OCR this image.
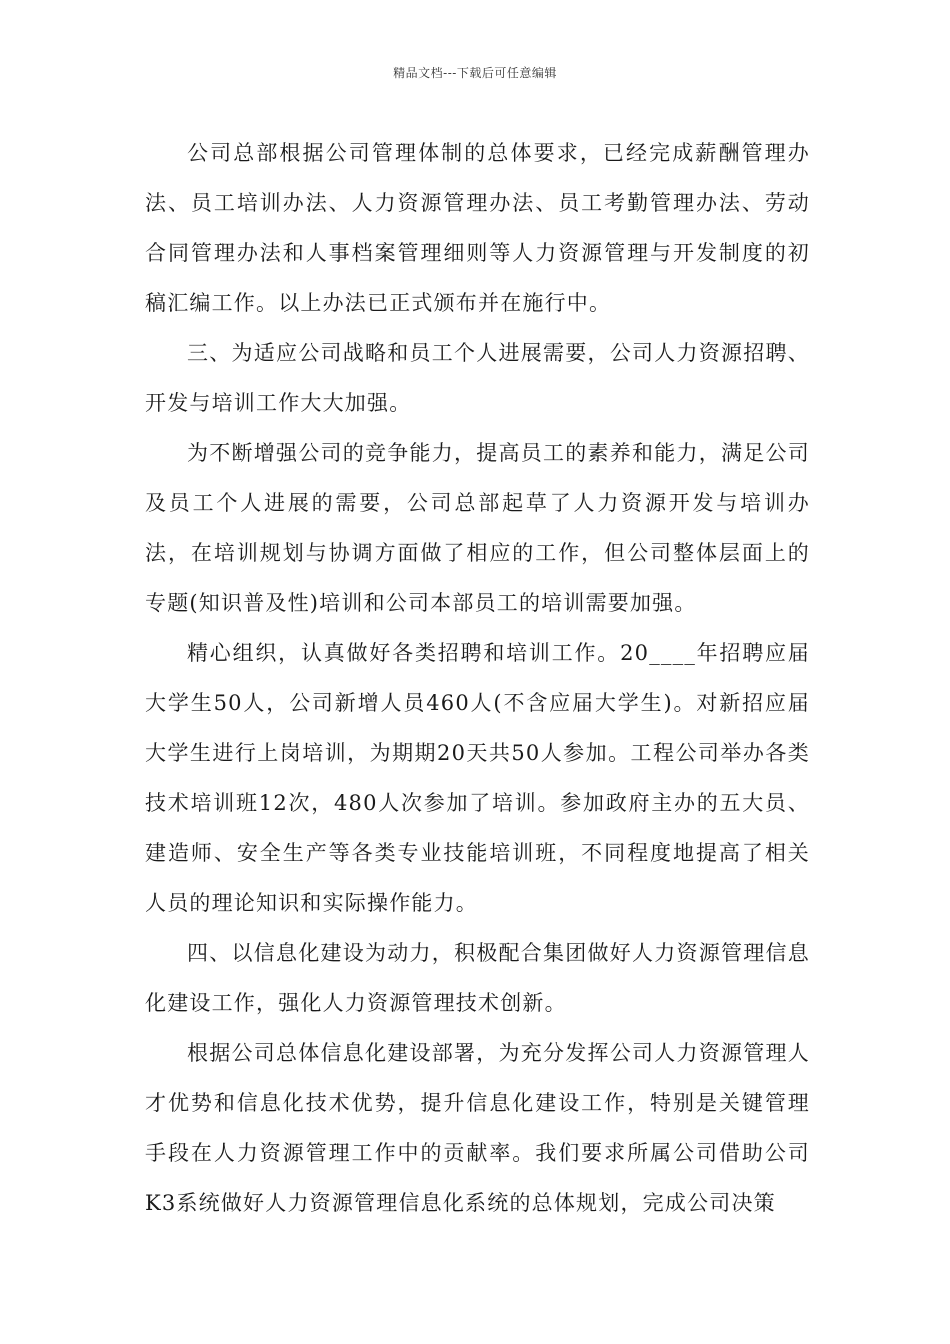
精品文档---下载后可任意编辑

公司总部根据公司管理体制的总体要求，已经完成薪酬管理办法、员工培训办法、人力资源管理办法、员工考勤管理办法、劳动合同管理办法和人事档案管理细则等人力资源管理与开发制度的初稿汇编工作。以上办法已正式颁布并在施行中。

三、为适应公司战略和员工个人进展需要，公司人力资源招聘、开发与培训工作大大加强。

为不断增强公司的竞争能力，提高员工的素养和能力，满足公司及员工个人进展的需要，公司总部起草了人力资源开发与培训办法，在培训规划与协调方面做了相应的工作，但公司整体层面上的专题(知识普及性)培训和公司本部员工的培训需要加强。

精心组织，认真做好各类招聘和培训工作。20____年招聘应届大学生50人，公司新增人员460人(不含应届大学生)。对新招应届大学生进行上岗培训，为期期20天共50人参加。工程公司举办各类技术培训班12次，480人次参加了培训。参加政府主办的五大员、建造师、安全生产等各类专业技能培训班，不同程度地提高了相关人员的理论知识和实际操作能力。

四、以信息化建设为动力，积极配合集团做好人力资源管理信息化建设工作，强化人力资源管理技术创新。

根据公司总体信息化建设部署，为充分发挥公司人力资源管理人才优势和信息化技术优势，提升信息化建设工作，特别是关键管理手段在人力资源管理工作中的贡献率。我们要求所属公司借助公司K3系统做好人力资源管理信息化系统的总体规划，完成公司决策
